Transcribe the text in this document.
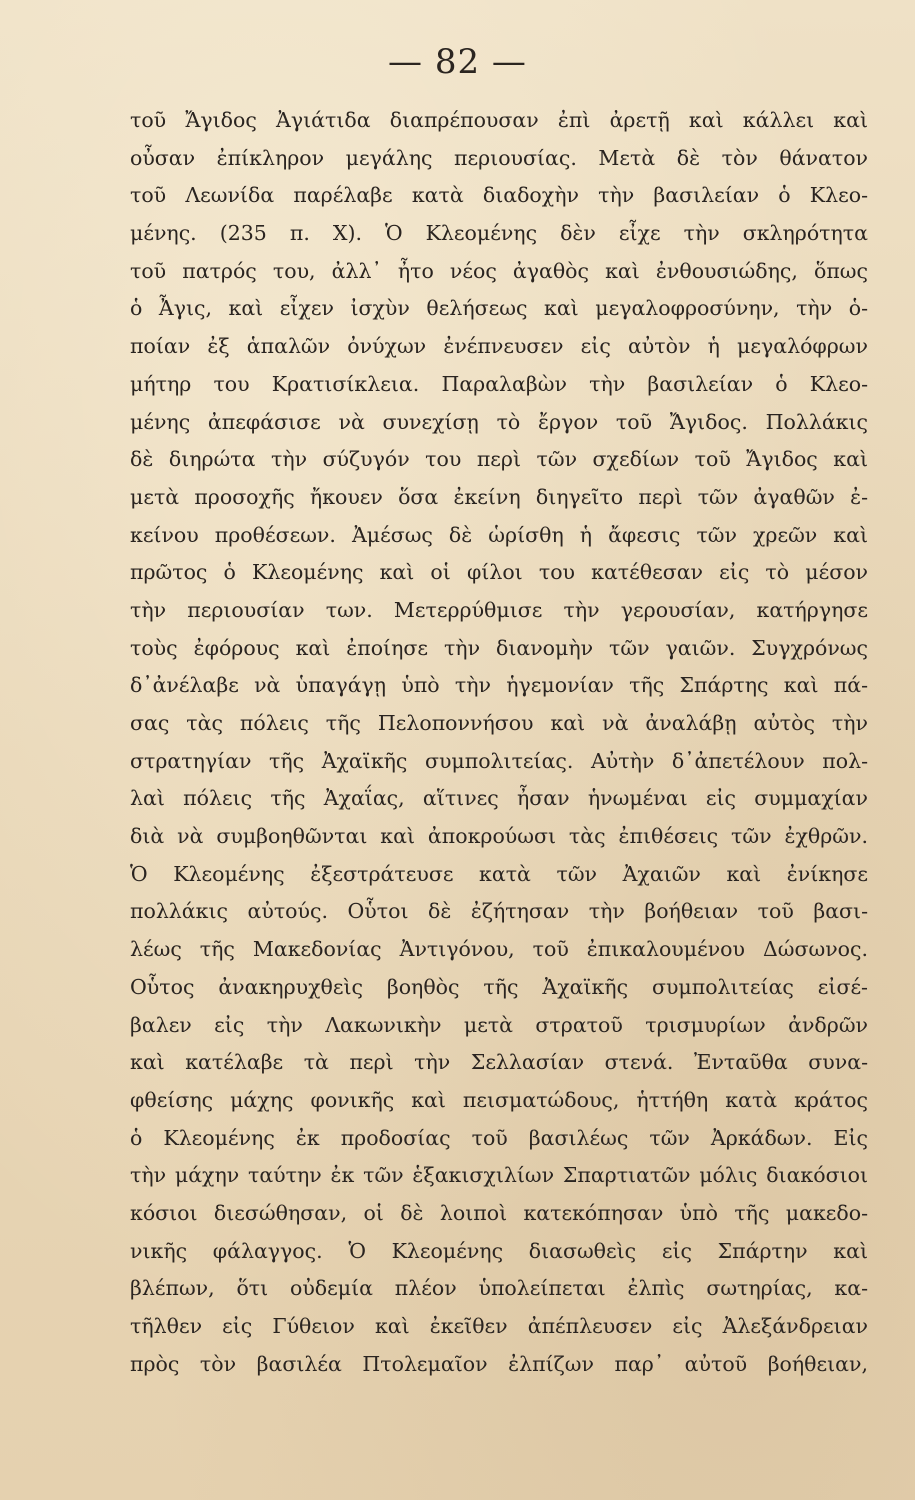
— 82 —
τοῦ Ἄγιδος Ἀγιάτιδα διαπρέπουσαν ἐπὶ ἀρετῇ καὶ κάλλει καὶ
οὖσαν ἐπίκληρον μεγάλης περιουσίας. Μετὰ δὲ τὸν θάνατον
τοῦ Λεωνίδα παρέλαβε κατὰ διαδοχὴν τὴν βασιλείαν ὁ Κλεο-
μένης. (235 π. Χ). Ὁ Κλεομένης δὲν εἶχε τὴν σκληρότητα
τοῦ πατρός του, ἀλλ᾽ ἦτο νέος ἀγαθὸς καὶ ἐνθουσιώδης, ὅπως
ὁ Ἆγις, καὶ εἶχεν ἰσχὺν θελήσεως καὶ μεγαλοφροσύνην, τὴν ὁ-
ποίαν ἐξ ἁπαλῶν ὀνύχων ἐνέπνευσεν εἰς αὐτὸν ἡ μεγαλόφρων
μήτηρ του Κρατισίκλεια. Παραλαβὼν τὴν βασιλείαν ὁ Κλεο-
μένης ἀπεφάσισε νὰ συνεχίσῃ τὸ ἔργον τοῦ Ἄγιδος. Πολλάκις
δὲ διηρώτα τὴν σύζυγόν του περὶ τῶν σχεδίων τοῦ Ἄγιδος καὶ
μετὰ προσοχῆς ἤκουεν ὅσα ἐκείνη διηγεῖτο περὶ τῶν ἀγαθῶν ἐ-
κείνου προθέσεων. Ἀμέσως δὲ ὡρίσθη ἡ ἄφεσις τῶν χρεῶν καὶ
πρῶτος ὁ Κλεομένης καὶ οἱ φίλοι του κατέθεσαν εἰς τὸ μέσον
τὴν περιουσίαν των. Μετερρύθμισε τὴν γερουσίαν, κατήργησε
τοὺς ἐφόρους καὶ ἐποίησε τὴν διανομὴν τῶν γαιῶν. Συγχρόνως
δ᾽ἀνέλαβε νὰ ὑπαγάγῃ ὑπὸ τὴν ἡγεμονίαν τῆς Σπάρτης καὶ πά-
σας τὰς πόλεις τῆς Πελοποννήσου καὶ νὰ ἀναλάβῃ αὐτὸς τὴν
στρατηγίαν τῆς Ἀχαϊκῆς συμπολιτείας. Αὐτὴν δ᾽ἀπετέλουν πολ-
λαὶ πόλεις τῆς Ἀχαΐας, αἵτινες ἦσαν ἡνωμέναι εἰς συμμαχίαν
διὰ νὰ συμβοηθῶνται καὶ ἀποκρούωσι τὰς ἐπιθέσεις τῶν ἐχθρῶν.
Ὁ Κλεομένης ἐξεστράτευσε κατὰ τῶν Ἀχαιῶν καὶ ἐνίκησε
πολλάκις αὐτούς. Οὗτοι δὲ ἐζήτησαν τὴν βοήθειαν τοῦ βασι-
λέως τῆς Μακεδονίας Ἀντιγόνου, τοῦ ἐπικαλουμένου Δώσωνος.
Οὗτος ἀνακηρυχθεὶς βοηθὸς τῆς Ἀχαϊκῆς συμπολιτείας εἰσέ-
βαλεν εἰς τὴν Λακωνικὴν μετὰ στρατοῦ τρισμυρίων ἀνδρῶν
καὶ κατέλαβε τὰ περὶ τὴν Σελλασίαν στενά. Ἐνταῦθα συνα-
φθείσης μάχης φονικῆς καὶ πεισματώδους, ἡττήθη κατὰ κράτος
ὁ Κλεομένης ἐκ προδοσίας τοῦ βασιλέως τῶν Ἀρκάδων. Εἰς
τὴν μάχην ταύτην ἐκ τῶν ἑξακισχιλίων Σπαρτιατῶν μόλις διακόσιοι
κόσιοι διεσώθησαν, οἱ δὲ λοιποὶ κατεκόπησαν ὑπὸ τῆς μακεδο-
νικῆς φάλαγγος. Ὁ Κλεομένης διασωθεὶς εἰς Σπάρτην καὶ
βλέπων, ὅτι οὐδεμία πλέον ὑπολείπεται ἐλπὶς σωτηρίας, κα-
τῆλθεν εἰς Γύθειον καὶ ἐκεῖθεν ἀπέπλευσεν εἰς Ἀλεξάνδρειαν
πρὸς τὸν βασιλέα Πτολεμαῖον ἐλπίζων παρ᾽ αὐτοῦ βοήθειαν,
